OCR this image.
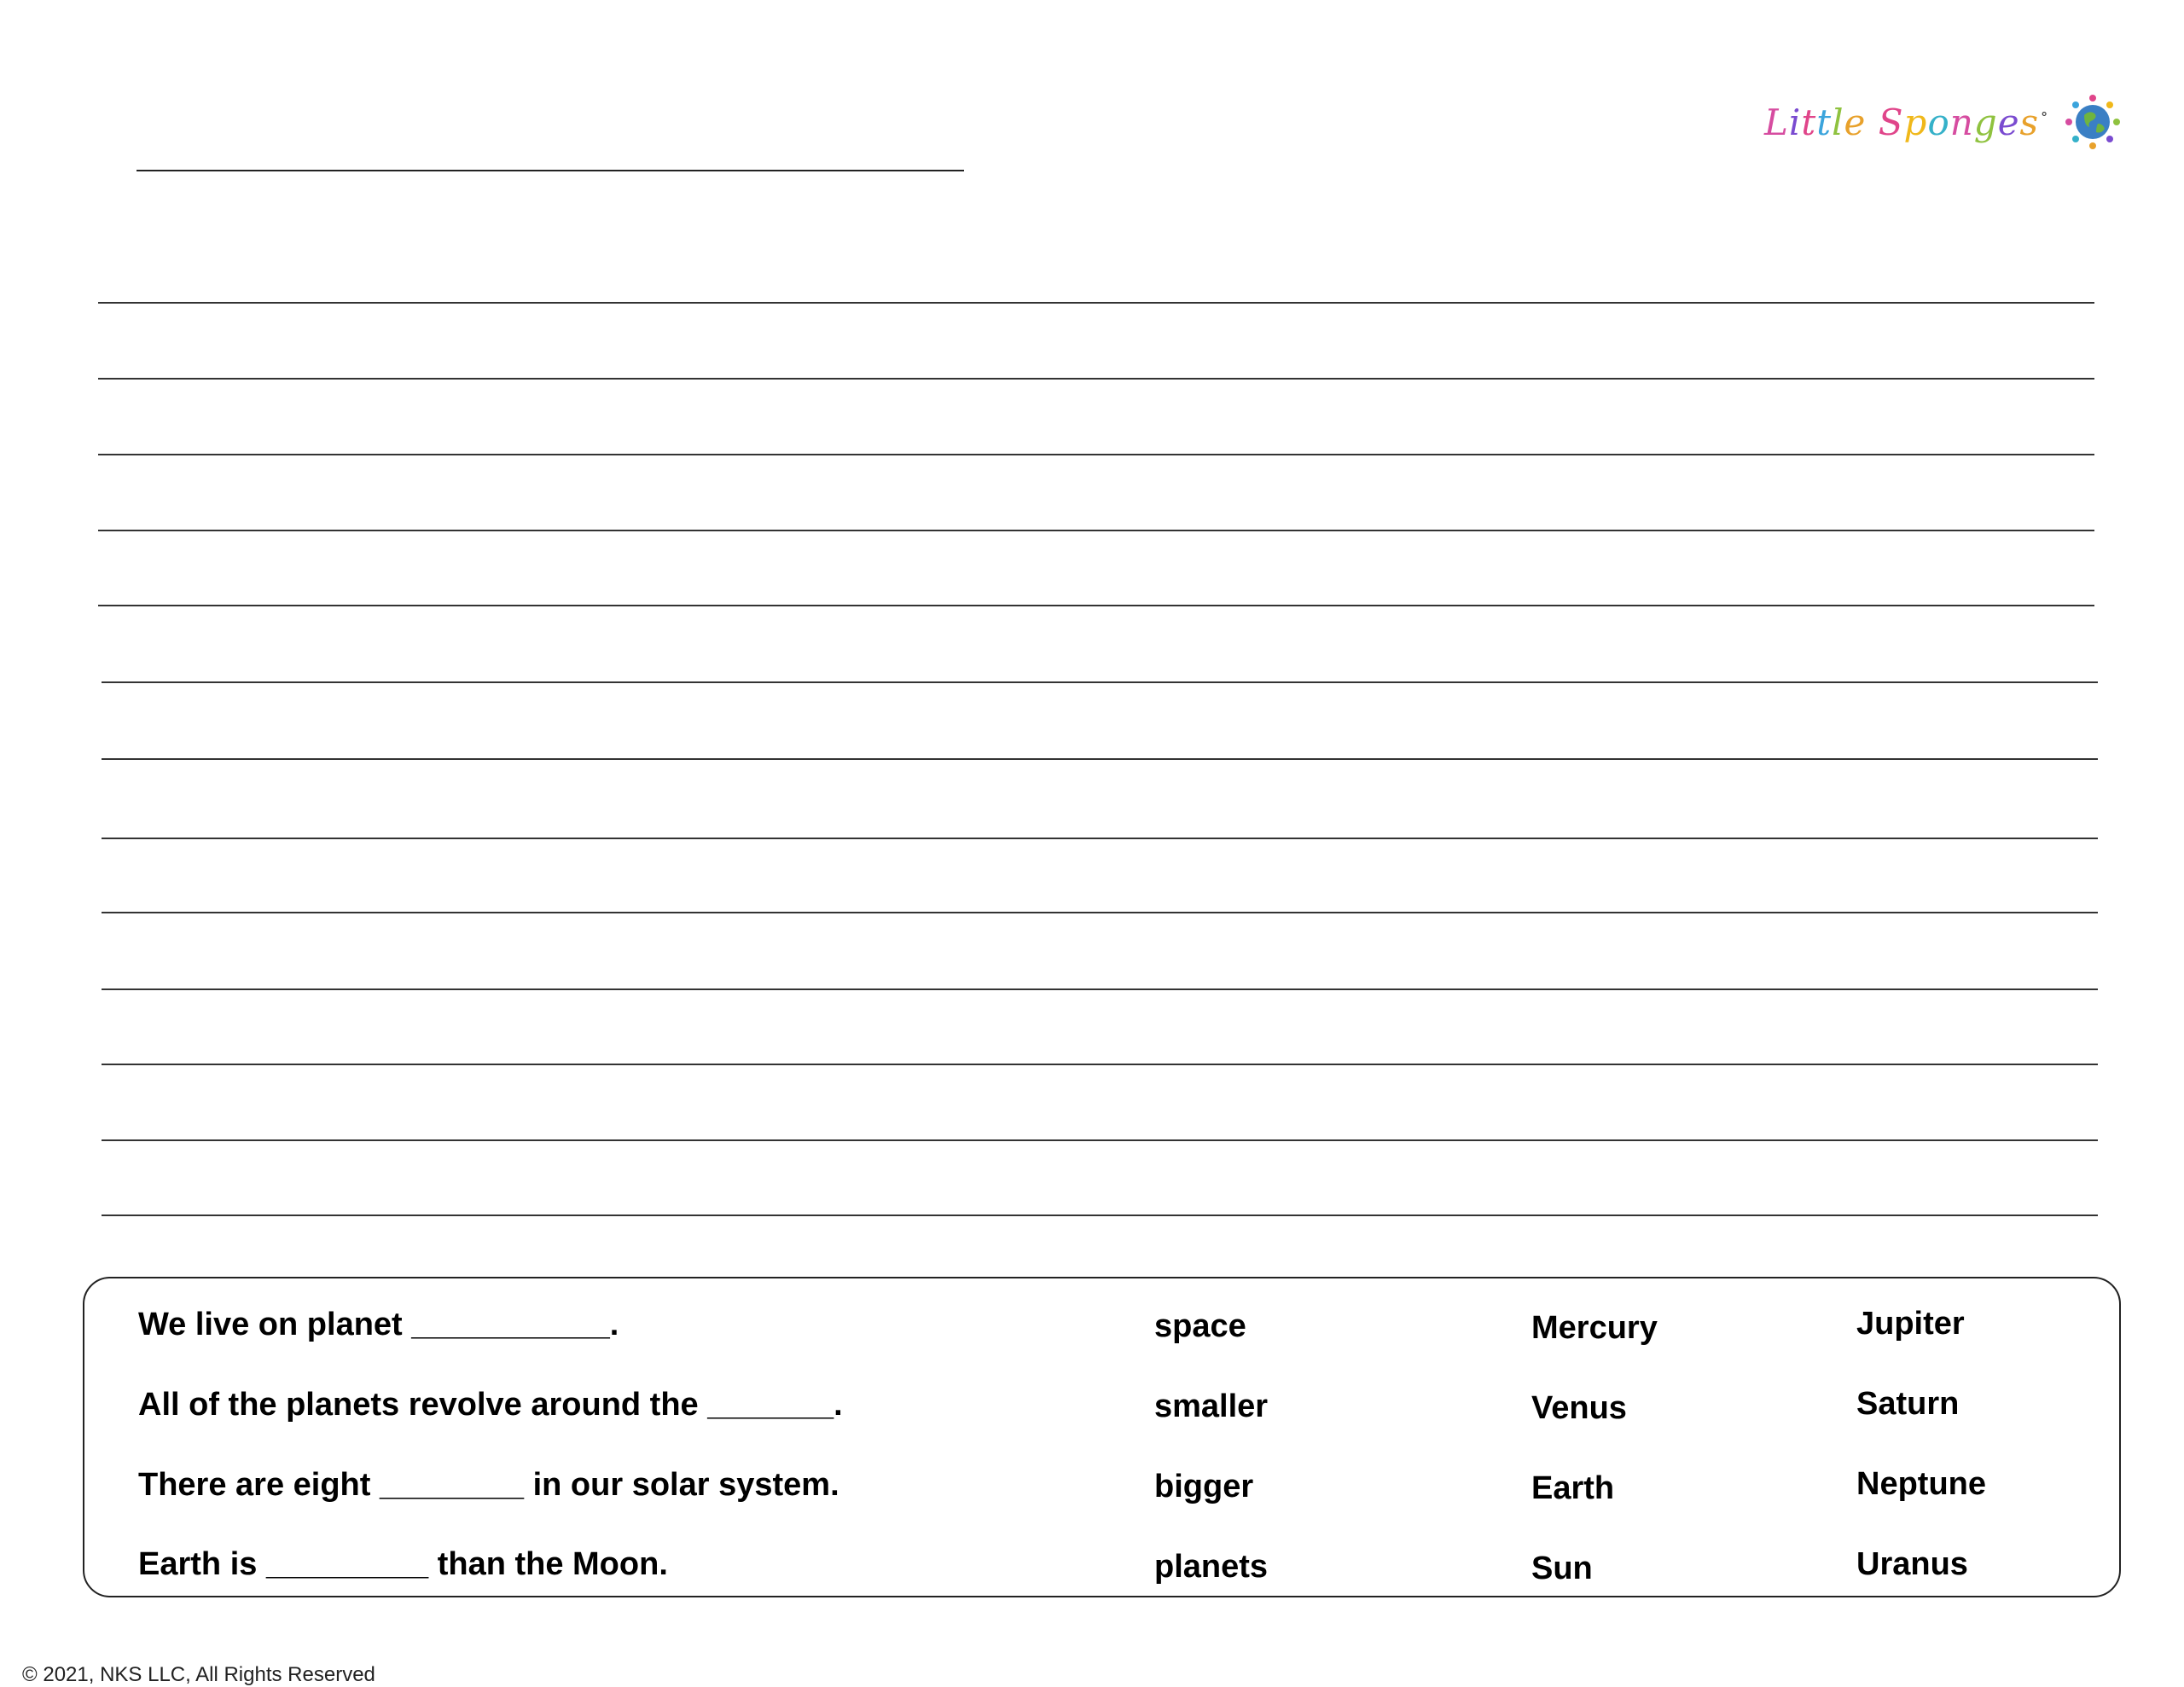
Little Sponges °
We live on planet ___________.
All of the planets revolve around the _______.
There are eight ________ in our solar system.
Earth is _________ than the Moon.
space
smaller
bigger
planets
Mercury
Venus
Earth
Sun
Jupiter
Saturn
Neptune
Uranus
© 2021, NKS LLC, All Rights Reserved
